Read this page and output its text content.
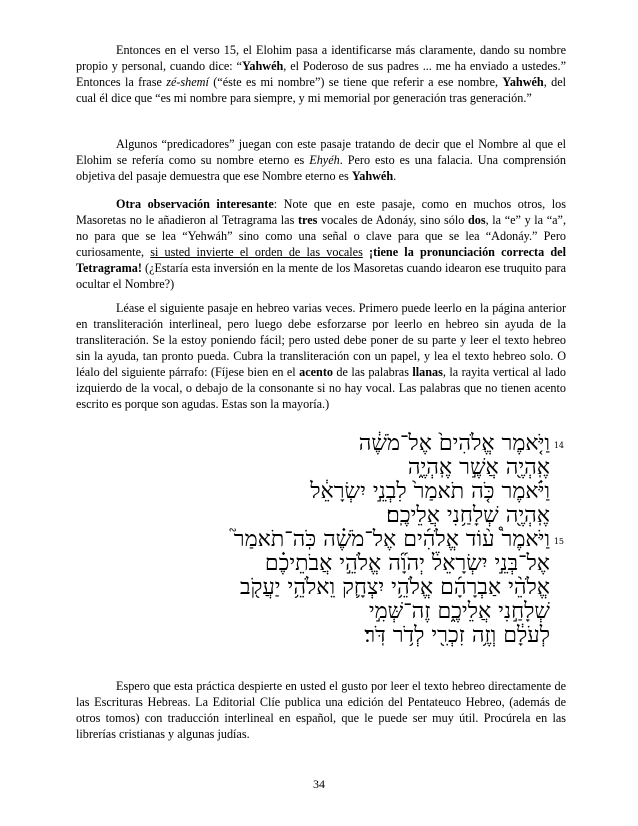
Entonces en el verso 15, el Elohim pasa a identificarse más claramente, dando su nombre propio y personal, cuando dice: “Yahwéh, el Poderoso de sus padres ... me ha enviado a ustedes.” Entonces la frase zé-shemí (“éste es mi nombre”) se tiene que referir a ese nombre, Yahwéh, del cual él dice que “es mi nombre para siempre, y mi memorial por generación tras generación.”

Algunos “predicadores” juegan con este pasaje tratando de decir que el Nombre al que el Elohim se refería como su nombre eterno es Ehyéh. Pero esto es una falacia. Una comprensión objetiva del pasaje demuestra que ese Nombre eterno es Yahwéh.

Otra observación interesante: Note que en este pasaje, como en muchos otros, los Masoretas no le añadieron al Tetragrama las tres vocales de Adonáy, sino sólo dos, la “e” y la “a”, no para que se lea “Yehwáh” sino como una señal o clave para que se lea “Adonáy.” Pero curiosamente, si usted invierte el orden de las vocales ¡tiene la pronunciación correcta del Tetragrama! (¿Estaría esta inversión en la mente de los Masoretas cuando idearon ese truquito para ocultar el Nombre?)

Léase el siguiente pasaje en hebreo varias veces. Primero puede leerlo en la página anterior en transliteración interlineal, pero luego debe esforzarse por leerlo en hebreo sin ayuda de la transliteración. Se la estoy poniendo fácil; pero usted debe poner de su parte y leer el texto hebreo sin la ayuda, tan pronto pueda. Cubra la transliteración con un papel, y lea el texto hebreo solo. O léalo del siguiente párrafo: (Fíjese bien en el acento de las palabras llanas, la rayita vertical al lado izquierdo de la vocal, o debajo de la consonante si no hay vocal. Las palabras que no tienen acento escrito es porque son agudas. Estas son la mayoría.)

14
וַיֹּ֤אמֶר אֱלֹהִים֙ אֶל־מֹשֶׁ֔ה
אֶֽהְיֶ֖ה אֲשֶׁ֣ר אֶֽהְיֶ֑ה
וַיֹּ֗אמֶר כֹּ֤ה תֹאמַר֙ לִבְנֵ֣י יִשְׂרָאֵ֔ל
אֶֽהְיֶ֖ה שְׁלָחַ֥נִי אֲלֵיכֶֽם׃
15
וַיֹּאמֶר֩ ע֨וֹד אֱלֹהִ֜ים אֶל־מֹשֶׁ֗ה כֹּֽה־תֹאמַר֮
אֶל־בְּנֵ֣י יִשְׂרָאֵל֒ יְהוָ֞ה אֱלֹהֵ֣י אֲבֹתֵיכֶ֗ם
אֱלֹהֵ֨י אַבְרָהָ֜ם אֱלֹהֵ֥י יִצְחָ֛ק וֵאלֹהֵ֥י יַעֲקֹ֖ב
שְׁלָחַ֣נִי אֲלֵיכֶ֑ם זֶה־שְּׁמִ֣י
לְעֹלָ֔ם וְזֶ֥ה זִכְרִ֖י לְדֹ֥ר דֹּֽר׃

Espero que esta práctica despierte en usted el gusto por leer el texto hebreo directamente de las Escrituras Hebreas. La Editorial Clíe publica una edición del Pentateuco Hebreo, (además de otros tomos) con traducción interlineal en español, que le puede ser muy útil. Procúrela en las librerías cristianas y algunas judías.

34
